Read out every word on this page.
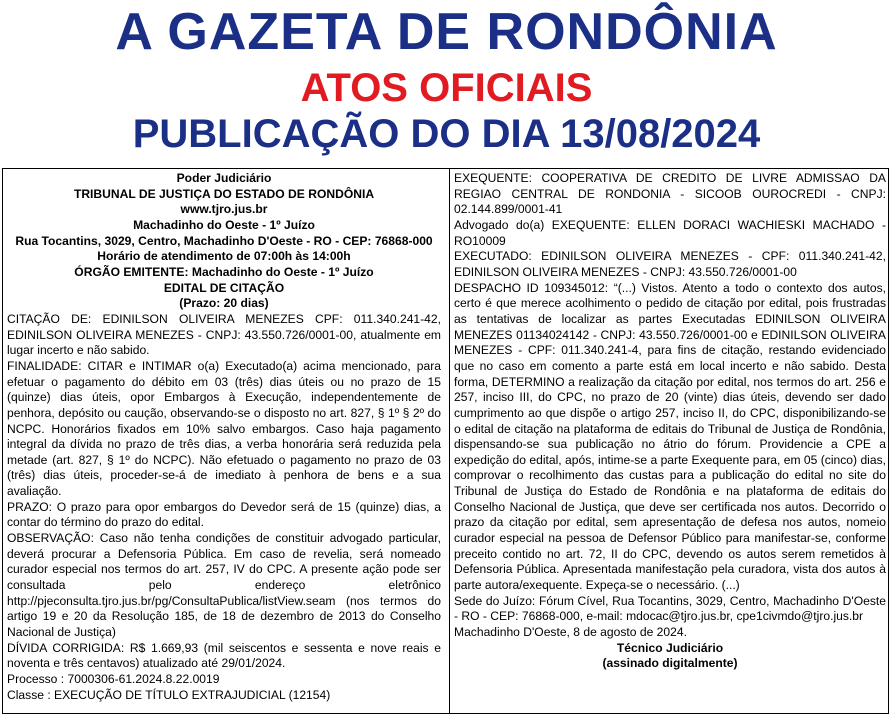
A GAZETA DE RONDÔNIA
ATOS OFICIAIS
PUBLICAÇÃO DO DIA 13/08/2024

Poder Judiciário

TRIBUNAL DE JUSTIÇA DO ESTADO DE RONDÔNIA

www.tjro.jus.br

Machadinho do Oeste - 1º Juízo

Rua Tocantins, 3029, Centro, Machadinho D'Oeste - RO - CEP: 76868-000

Horário de atendimento de 07:00h às 14:00h

ÓRGÃO EMITENTE: Machadinho do Oeste - 1º Juízo

EDITAL DE CITAÇÃO

(Prazo: 20 dias)

CITAÇÃO DE: EDINILSON OLIVEIRA MENEZES CPF: 011.340.241-42, EDINILSON OLIVEIRA MENEZES - CNPJ: 43.550.726/0001-00, atualmente em lugar incerto e não sabido.

FINALIDADE: CITAR e INTIMAR o(a) Executado(a) acima mencionado, para efetuar o pagamento do débito em 03 (três) dias úteis ou no prazo de 15 (quinze) dias úteis, opor Embargos à Execução, independentemente de penhora, depósito ou caução, observando-se o disposto no art. 827, § 1º § 2º do NCPC. Honorários fixados em 10% salvo embargos. Caso haja pagamento integral da dívida no prazo de três dias, a verba honorária será reduzida pela metade (art. 827, § 1º do NCPC). Não efetuado o pagamento no prazo de 03 (três) dias úteis, proceder-se-á de imediato à penhora de bens e a sua avaliação.

PRAZO: O prazo para opor embargos do Devedor será de 15 (quinze) dias, a contar do término do prazo do edital.

OBSERVAÇÃO: Caso não tenha condições de constituir advogado particular, deverá procurar a Defensoria Pública. Em caso de revelia, será nomeado curador especial nos termos do art. 257, IV do CPC. A presente ação pode ser consultada pelo endereço eletrônico http://pjeconsulta.tjro.jus.br/pg/ConsultaPublica/listView.seam (nos termos do artigo 19 e 20 da Resolução 185, de 18 de dezembro de 2013 do Conselho Nacional de Justiça)

DÍVIDA CORRIGIDA: R$ 1.669,93 (mil seiscentos e sessenta e nove reais e noventa e três centavos) atualizado até 29/01/2024.

Processo : 7000306-61.2024.8.22.0019

Classe : EXECUÇÃO DE TÍTULO EXTRAJUDICIAL (12154)

EXEQUENTE: COOPERATIVA DE CREDITO DE LIVRE ADMISSAO DA REGIAO CENTRAL DE RONDONIA - SICOOB OUROCREDI - CNPJ: 02.144.899/0001-41

Advogado do(a) EXEQUENTE: ELLEN DORACI WACHIESKI MACHADO - RO10009

EXECUTADO: EDINILSON OLIVEIRA MENEZES - CPF: 011.340.241-42, EDINILSON OLIVEIRA MENEZES - CNPJ: 43.550.726/0001-00

DESPACHO ID 109345012: “(...) Vistos. Atento a todo o contexto dos autos, certo é que merece acolhimento o pedido de citação por edital, pois frustradas as tentativas de localizar as partes Executadas EDINILSON OLIVEIRA MENEZES 01134024142 - CNPJ: 43.550.726/0001-00 e EDINILSON OLIVEIRA MENEZES - CPF: 011.340.241-4, para fins de citação, restando evidenciado que no caso em comento a parte está em local incerto e não sabido. Desta forma, DETERMINO a realização da citação por edital, nos termos do art. 256 e 257, inciso III, do CPC, no prazo de 20 (vinte) dias úteis, devendo ser dado cumprimento ao que dispõe o artigo 257, inciso II, do CPC, disponibilizando-se o edital de citação na plataforma de editais do Tribunal de Justiça de Rondônia, dispensando-se sua publicação no átrio do fórum. Providencie a CPE a expedição do edital, após, intime-se a parte Exequente para, em 05 (cinco) dias, comprovar o recolhimento das custas para a publicação do edital no site do Tribunal de Justiça do Estado de Rondônia e na plataforma de editais do Conselho Nacional de Justiça, que deve ser certificada nos autos. Decorrido o prazo da citação por edital, sem apresentação de defesa nos autos, nomeio curador especial na pessoa de Defensor Público para manifestar-se, conforme preceito contido no art. 72, II do CPC, devendo os autos serem remetidos à Defensoria Pública. Apresentada manifestação pela curadora, vista dos autos à parte autora/exequente. Expeça-se o necessário. (...)

Sede do Juízo: Fórum Cível, Rua Tocantins, 3029, Centro, Machadinho D'Oeste - RO - CEP: 76868-000, e-mail: mdocac@tjro.jus.br, cpe1civmdo@tjro.jus.br

Machadinho D'Oeste, 8 de agosto de 2024.

Técnico Judiciário

(assinado digitalmente)
